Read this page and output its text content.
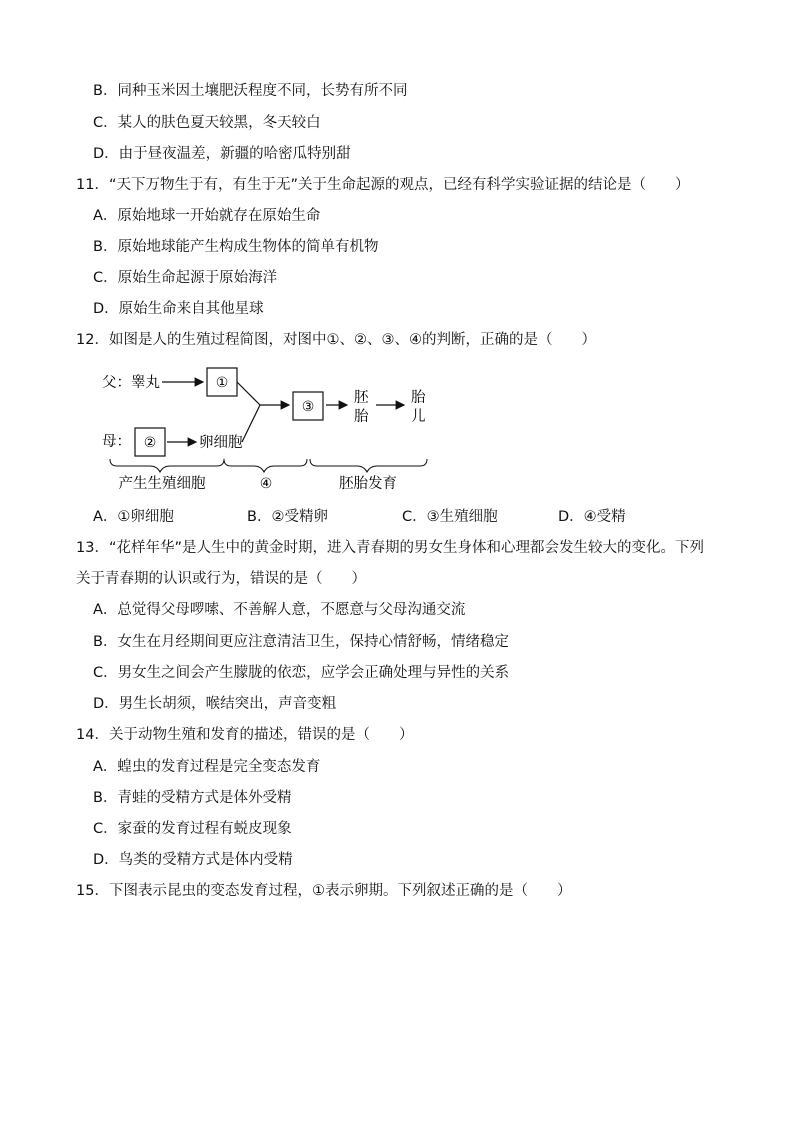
B．同种玉米因土壤肥沃程度不同，长势有所不同
C．某人的肤色夏天较黑，冬天较白
D．由于昼夜温差，新疆的哈密瓜特别甜
11．“天下万物生于有，有生于无”关于生命起源的观点，已经有科学实验证据的结论是（　　）
A．原始地球一开始就存在原始生命
B．原始地球能产生构成生物体的简单有机物
C．原始生命起源于原始海洋
D．原始生命来自其他星球
12．如图是人的生殖过程简图，对图中①、②、③、④的判断，正确的是（　　）
父：睾丸	①
③
胚
胎
胎
儿
母： ②	卵细胞
产生生殖细胞	④	胚胎发育
A．①卵细胞	B．②受精卵	C．③生殖细胞	D．④受精
13．“花样年华”是人生中的黄金时期，进入青春期的男女生身体和心理都会发生较大的变化。下列
关于青春期的认识或行为，错误的是（　　）
A．总觉得父母啰嗦、不善解人意，不愿意与父母沟通交流
B．女生在月经期间更应注意清洁卫生，保持心情舒畅，情绪稳定
C．男女生之间会产生朦胧的依恋，应学会正确处理与异性的关系
D．男生长胡须，喉结突出，声音变粗
14．关于动物生殖和发育的描述，错误的是（　　）
A．蝗虫的发育过程是完全变态发育
B．青蛙的受精方式是体外受精
C．家蚕的发育过程有蜕皮现象
D．鸟类的受精方式是体内受精
15．下图表示昆虫的变态发育过程，①表示卵期。下列叙述正确的是（　　）
